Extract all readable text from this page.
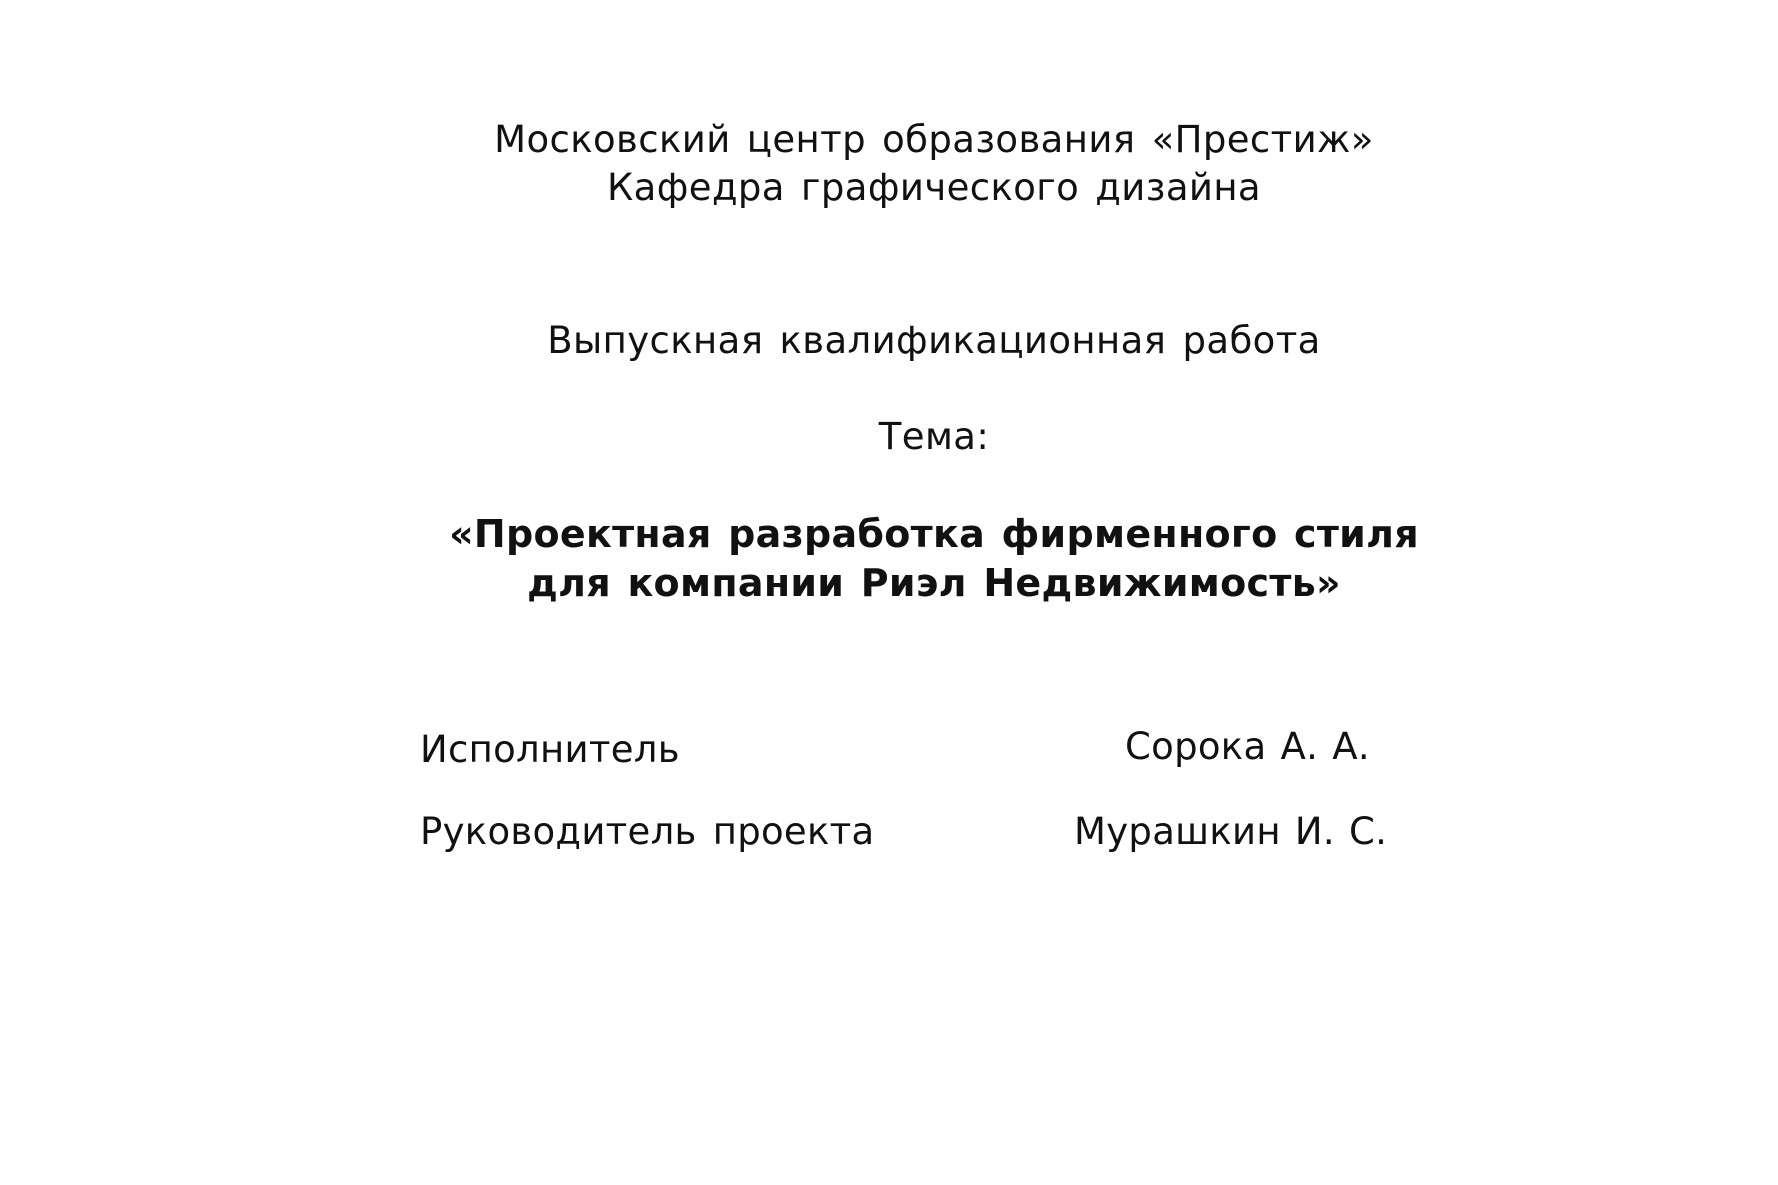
Московский центр образования «Престиж»
Кафедра графического дизайна
Выпускная квалификационная работа
Тема:
«Проектная разработка фирменного стиля
для компании Риэл Недвижимость»
Исполнитель	Сорока А. А.
Руководитель проекта	Мурашкин И. С.
